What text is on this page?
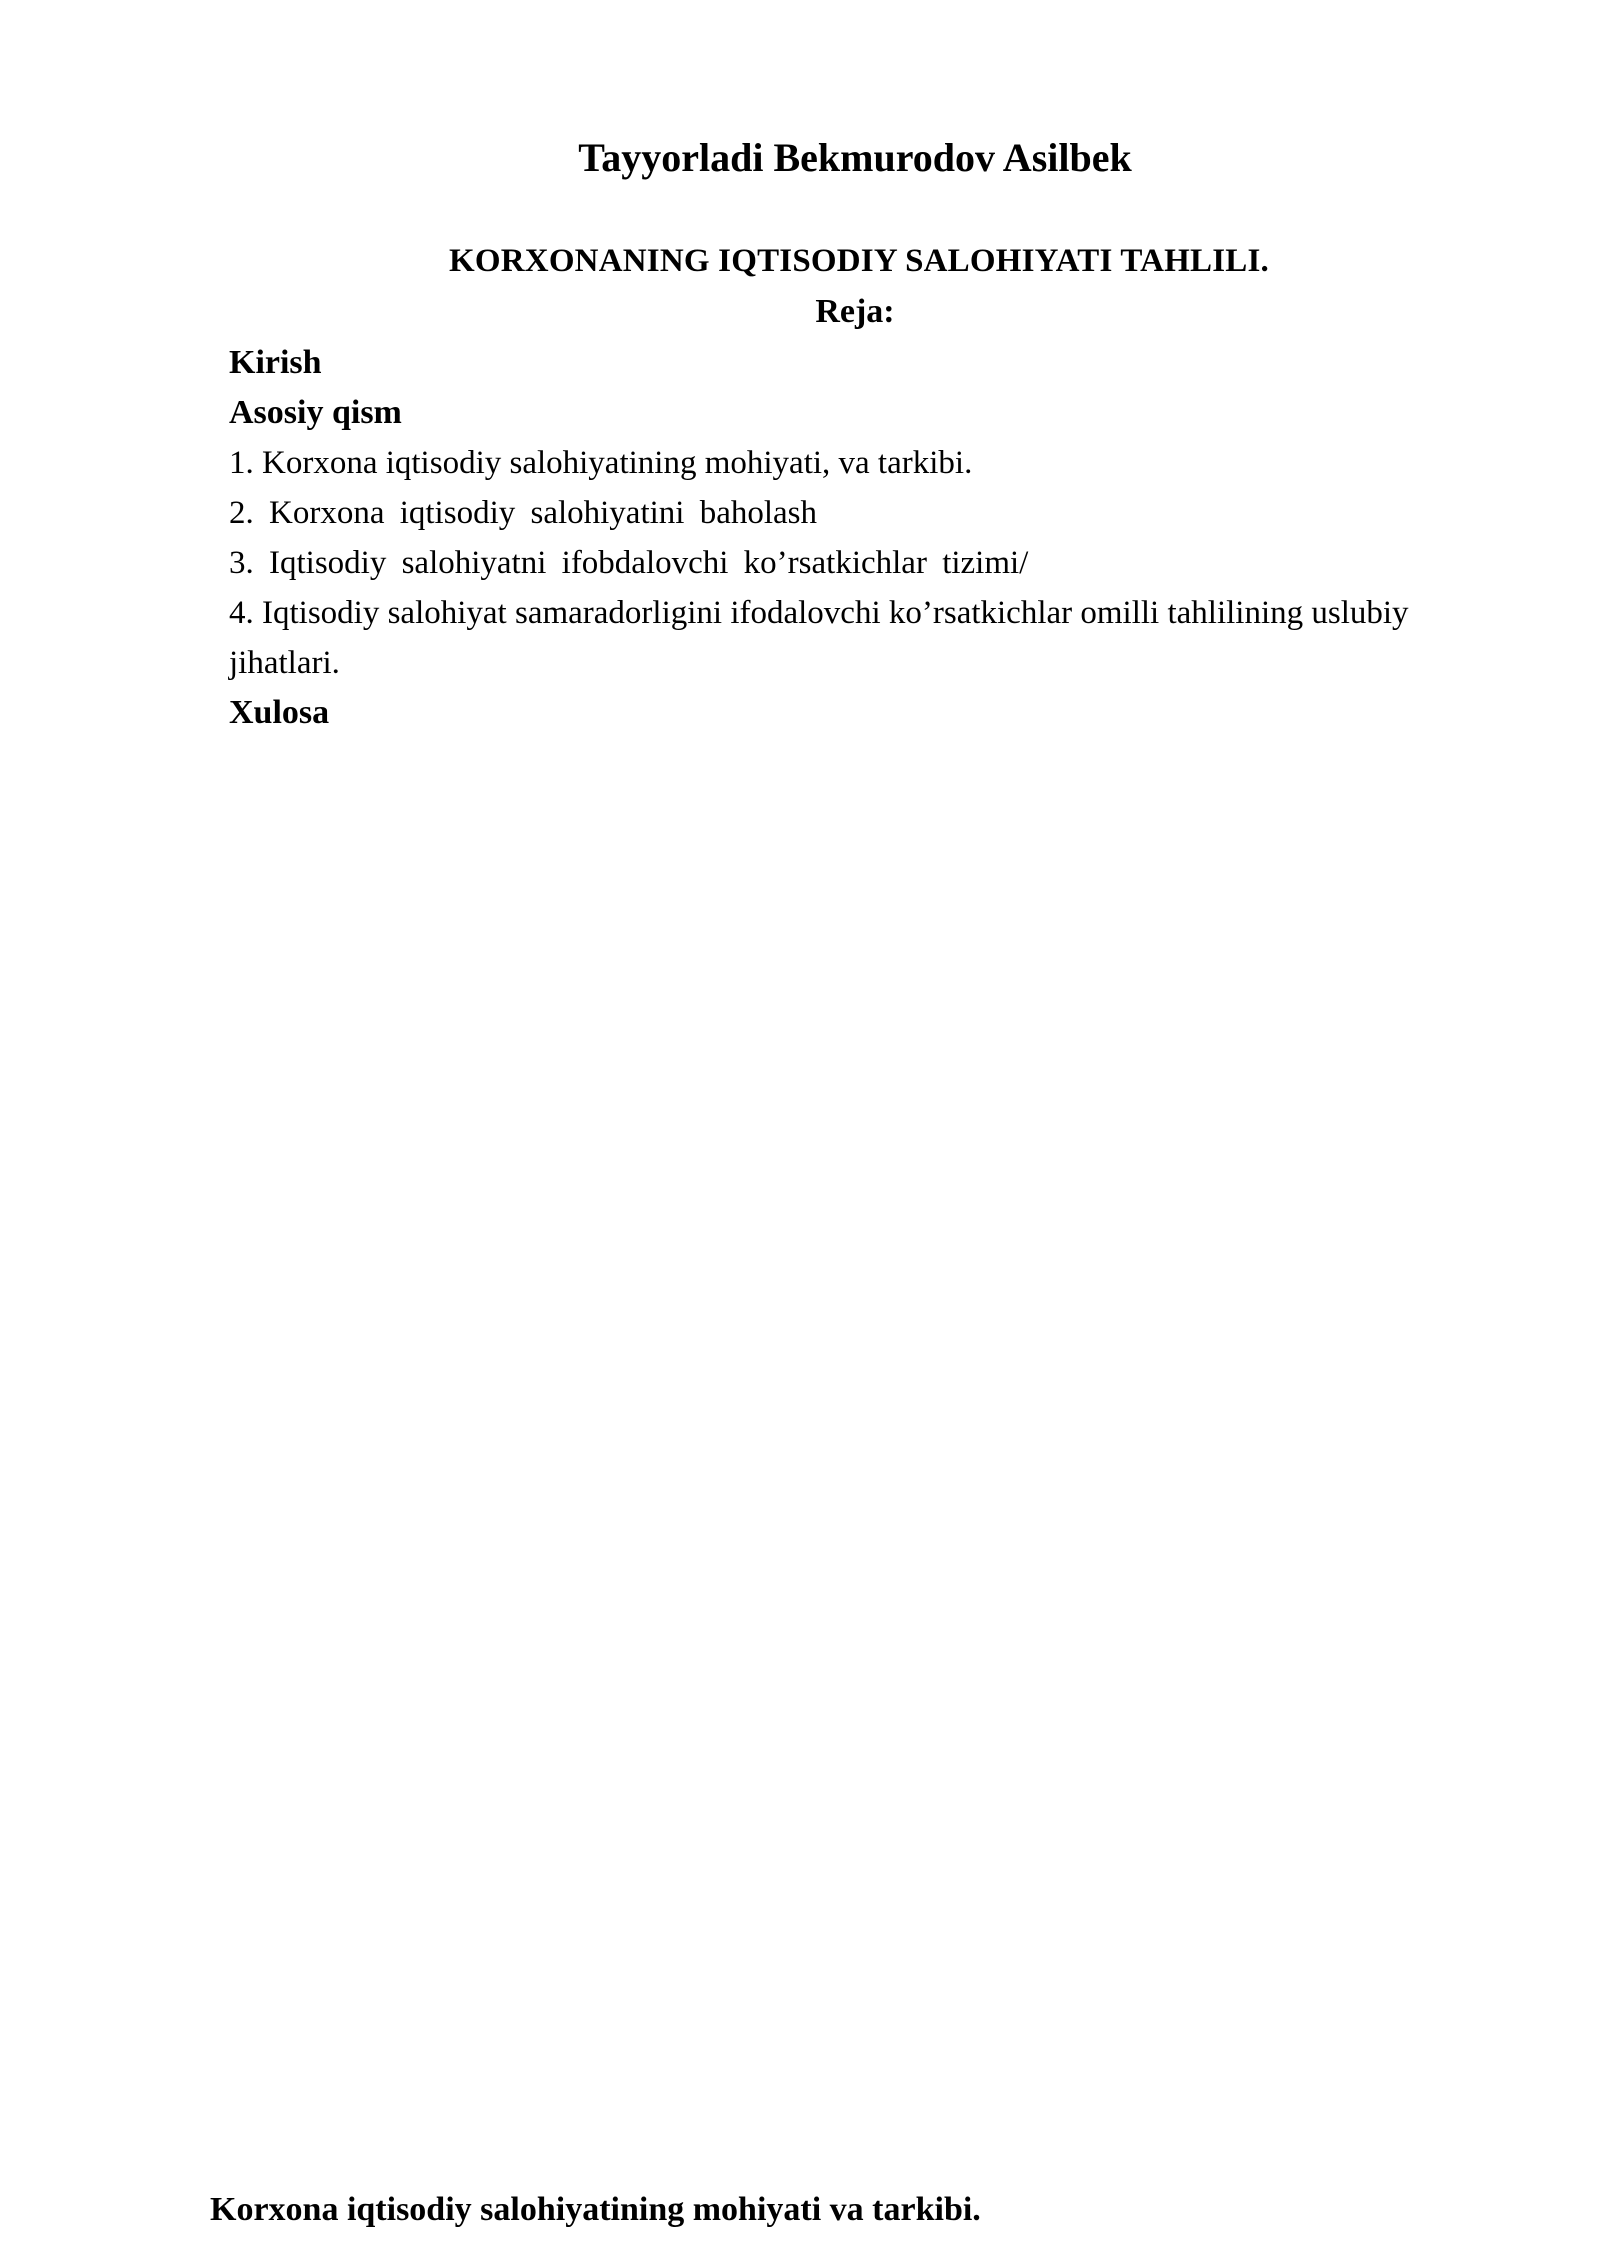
Tayyorladi Bekmurodov Asilbek
KORXONANING IQTISODIY SALOHIYATI TAHLILI.
Reja:
Kirish
Asosiy qism
1. Korxona iqtisodiy salohiyatining mohiyati, va tarkibi.
2. Korxona iqtisodiy salohiyatini baholash
3. Iqtisodiy salohiyatni ifobdalovchi ko’rsatkichlar tizimi/
4. Iqtisodiy salohiyat samaradorligini ifodalovchi ko’rsatkichlar omilli tahlilining uslubiy jihatlari.
Xulosa
Korxona iqtisodiy salohiyatining mohiyati va tarkibi.
